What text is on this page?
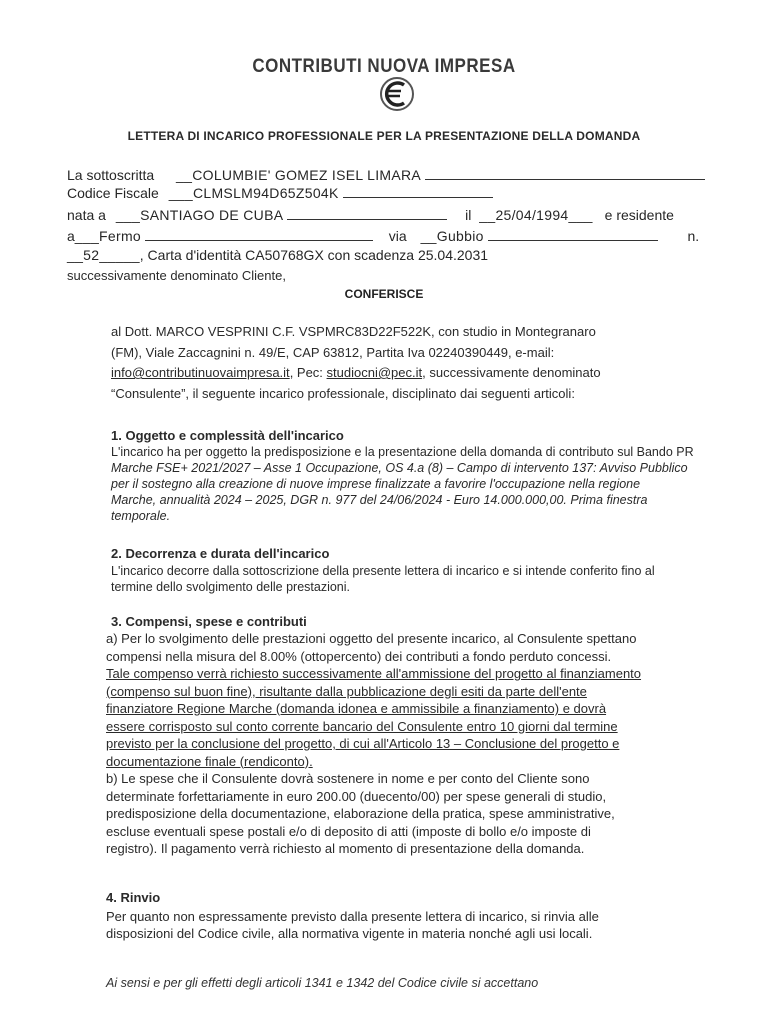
CONTRIBUTI NUOVA IMPRESA
LETTERA DI INCARICO PROFESSIONALE PER LA PRESENTAZIONE DELLA DOMANDA
La sottoscritta __COLUMBIE' GOMEZ ISEL LIMARA
Codice Fiscale ___CLMSLM94D65Z504K
nata a ___SANTIAGO DE CUBA	il __25/04/1994___ e residente
a___Fermo	via __Gubbio	n.
__52_____, Carta d'identità CA50768GX con scadenza 25.04.2031
successivamente denominato Cliente,
CONFERISCE
al Dott. MARCO VESPRINI C.F. VSPMRC83D22F522K, con studio in Montegranaro
(FM), Viale Zaccagnini n. 49/E, CAP 63812, Partita Iva 02240390449, e-mail:
info@contributinuovaimpresa.it, Pec: studiocni@pec.it, successivamente denominato
“Consulente”, il seguente incarico professionale, disciplinato dai seguenti articoli:
1. Oggetto e complessità dell'incarico
L'incarico ha per oggetto la predisposizione e la presentazione della domanda di contributo sul Bando PR
Marche FSE+ 2021/2027 – Asse 1 Occupazione, OS 4.a (8) – Campo di intervento 137: Avviso Pubblico
per il sostegno alla creazione di nuove imprese finalizzate a favorire l'occupazione nella regione
Marche, annualità 2024 – 2025, DGR n. 977 del 24/06/2024 - Euro 14.000.000,00. Prima finestra
temporale.
2. Decorrenza e durata dell'incarico
L'incarico decorre dalla sottoscrizione della presente lettera di incarico e si intende conferito fino al
termine dello svolgimento delle prestazioni.
3. Compensi, spese e contributi
a) Per lo svolgimento delle prestazioni oggetto del presente incarico, al Consulente spettano
compensi nella misura del 8.00% (ottopercento) dei contributi a fondo perduto concessi.
Tale compenso verrà richiesto successivamente all'ammissione del progetto al finanziamento
(compenso sul buon fine), risultante dalla pubblicazione degli esiti da parte dell'ente
finanziatore Regione Marche (domanda idonea e ammissibile a finanziamento) e dovrà
essere corrisposto sul conto corrente bancario del Consulente entro 10 giorni dal termine
previsto per la conclusione del progetto, di cui all'Articolo 13 – Conclusione del progetto e
documentazione finale (rendiconto).
b) Le spese che il Consulente dovrà sostenere in nome e per conto del Cliente sono
determinate forfettariamente in euro 200.00 (duecento/00) per spese generali di studio,
predisposizione della documentazione, elaborazione della pratica, spese amministrative,
escluse eventuali spese postali e/o di deposito di atti (imposte di bollo e/o imposte di
registro). Il pagamento verrà richiesto al momento di presentazione della domanda.
4. Rinvio
Per quanto non espressamente previsto dalla presente lettera di incarico, si rinvia alle
disposizioni del Codice civile, alla normativa vigente in materia nonché agli usi locali.
Ai sensi e per gli effetti degli articoli 1341 e 1342 del Codice civile si accettano
